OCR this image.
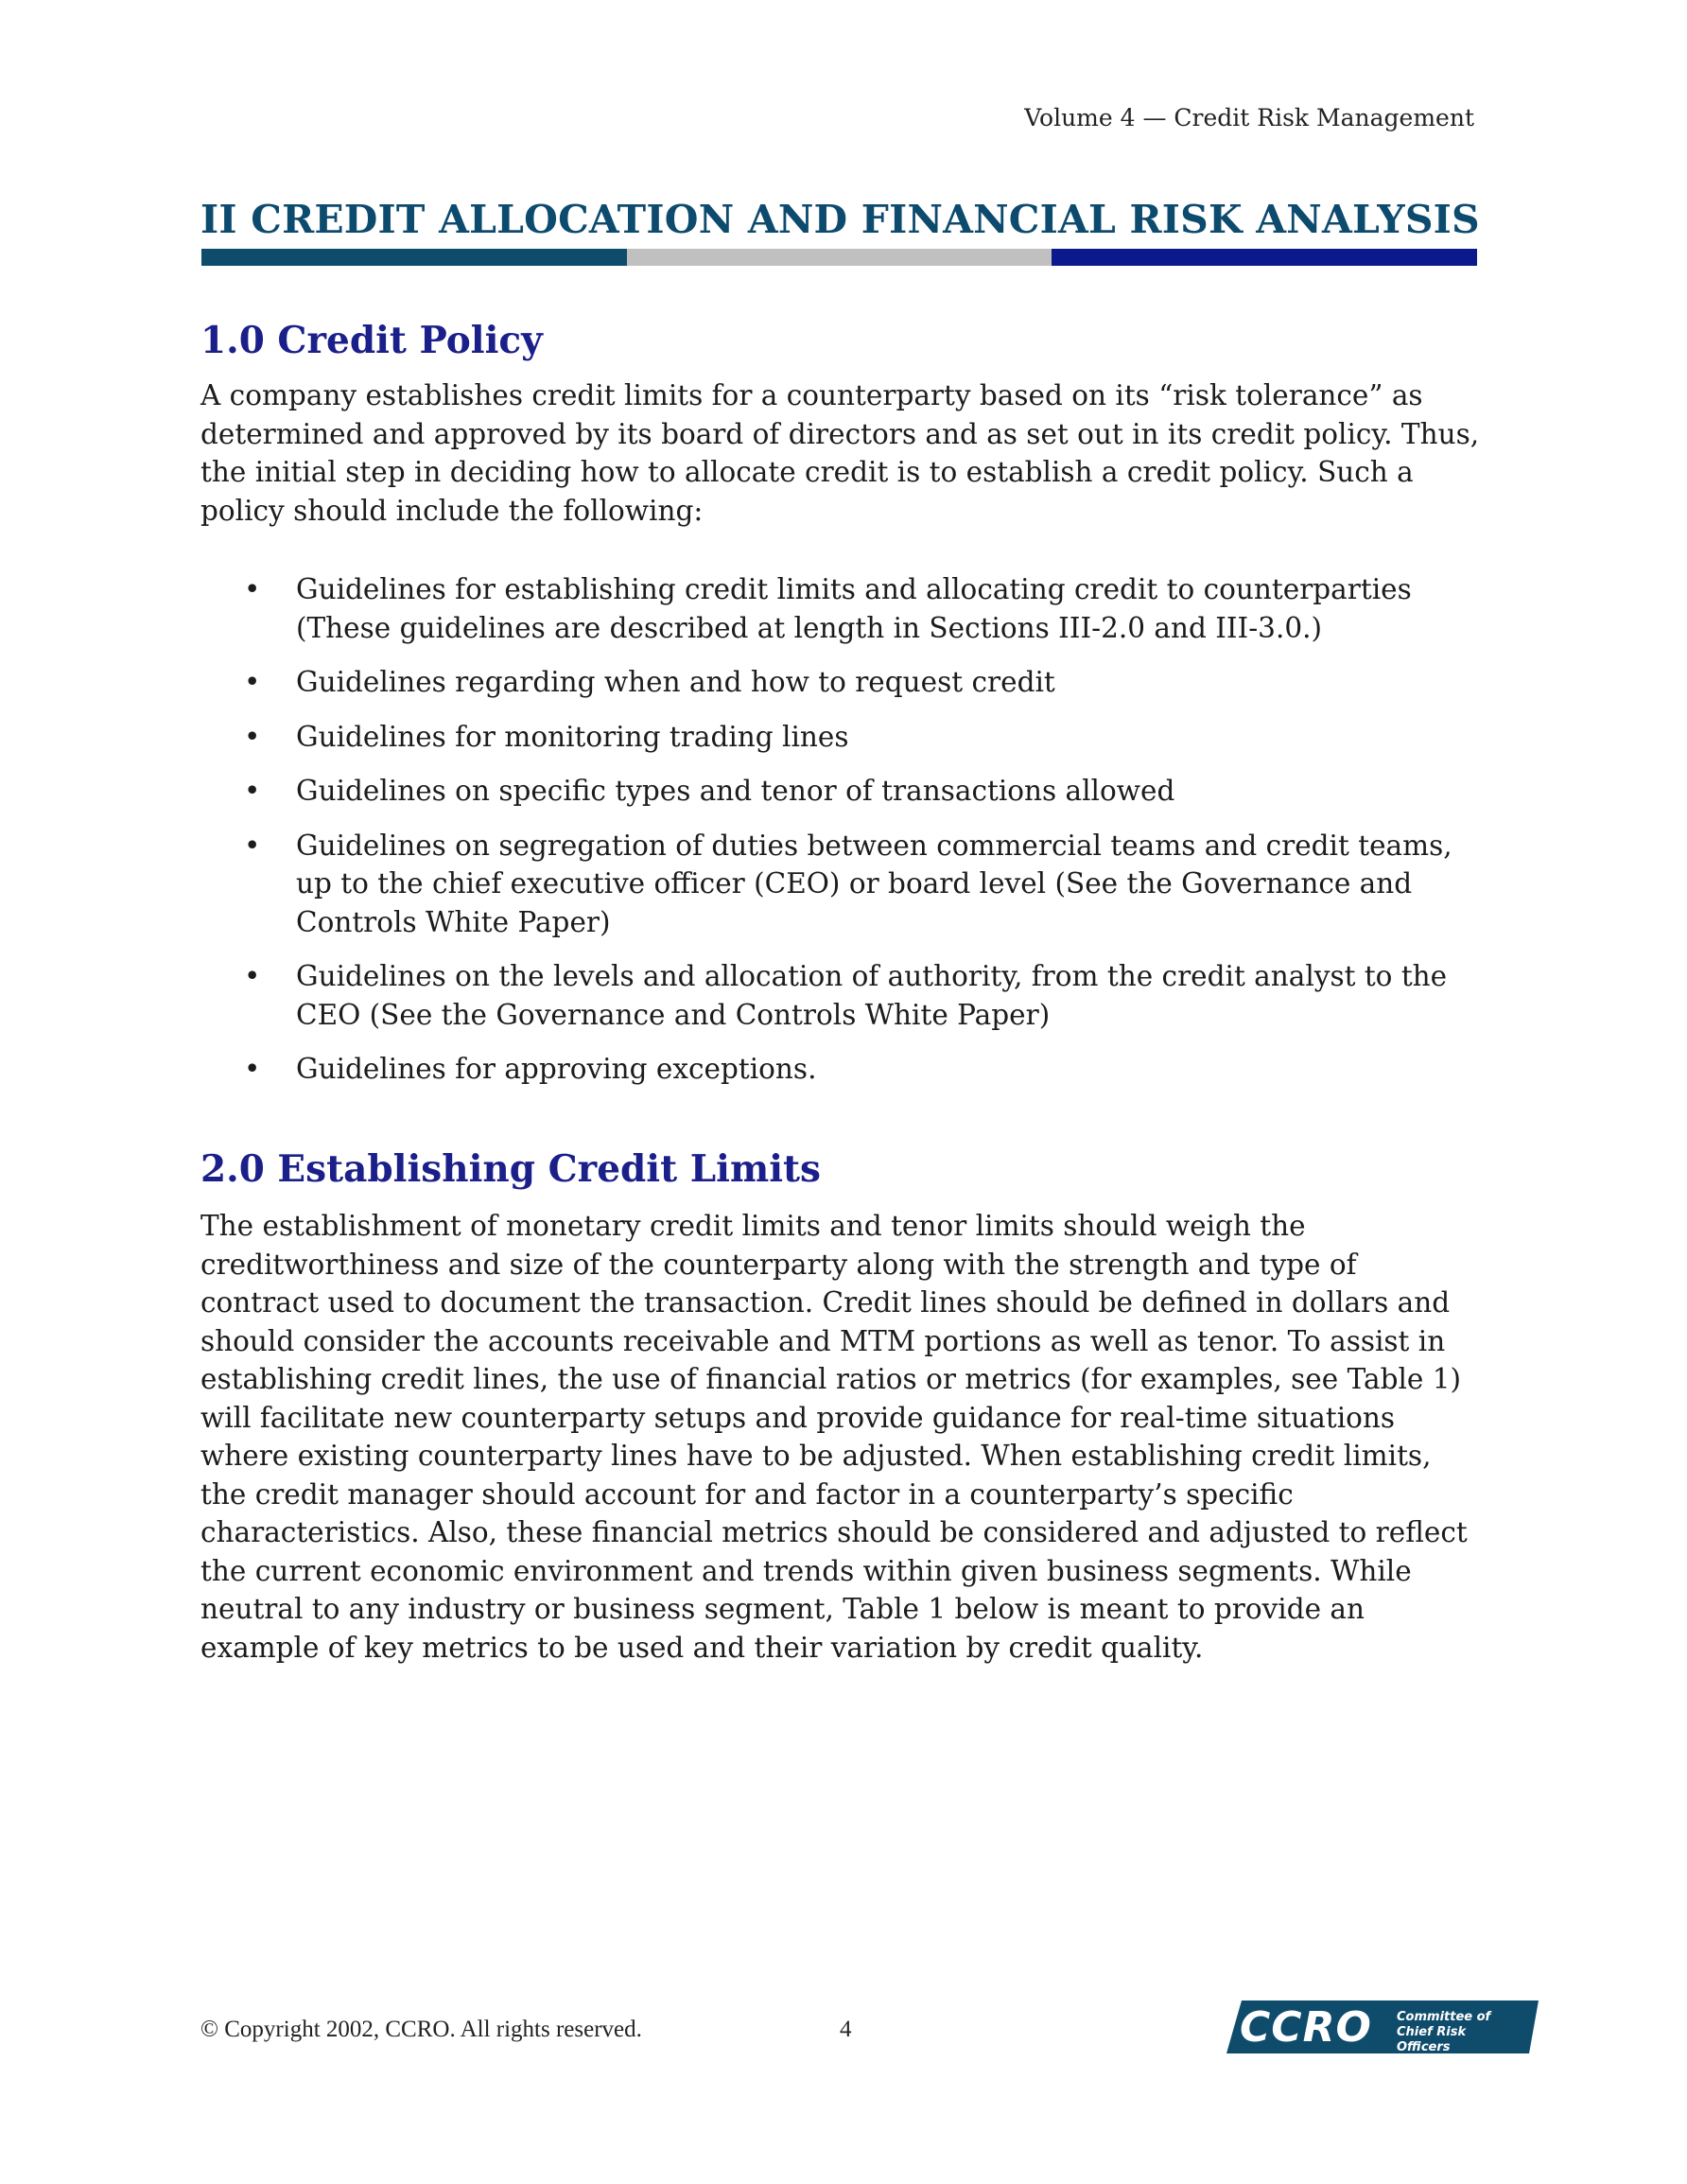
Volume 4 — Credit Risk Management
II CREDIT ALLOCATION AND FINANCIAL RISK ANALYSIS
1.0 Credit Policy

A company establishes credit limits for a counterparty based on its “risk tolerance” as determined and approved by its board of directors and as set out in its credit policy. Thus, the initial step in deciding how to allocate credit is to establish a credit policy. Such a policy should include the following:

• Guidelines for establishing credit limits and allocating credit to counterparties (These guidelines are described at length in Sections III-2.0 and III-3.0.)
• Guidelines regarding when and how to request credit
• Guidelines for monitoring trading lines
• Guidelines on specific types and tenor of transactions allowed
• Guidelines on segregation of duties between commercial teams and credit teams, up to the chief executive officer (CEO) or board level (See the Governance and Controls White Paper)
• Guidelines on the levels and allocation of authority, from the credit analyst to the CEO (See the Governance and Controls White Paper)
• Guidelines for approving exceptions.
2.0 Establishing Credit Limits

The establishment of monetary credit limits and tenor limits should weigh the creditworthiness and size of the counterparty along with the strength and type of contract used to document the transaction. Credit lines should be defined in dollars and should consider the accounts receivable and MTM portions as well as tenor. To assist in establishing credit lines, the use of financial ratios or metrics (for examples, see Table 1) will facilitate new counterparty setups and provide guidance for real-time situations where existing counterparty lines have to be adjusted. When establishing credit limits, the credit manager should account for and factor in a counterparty’s specific characteristics. Also, these financial metrics should be considered and adjusted to reflect the current economic environment and trends within given business segments. While neutral to any industry or business segment, Table 1 below is meant to provide an example of key metrics to be used and their variation by credit quality.

© Copyright 2002, CCRO. All rights reserved.	4	CCRO Committee of
Chief Risk Officers
